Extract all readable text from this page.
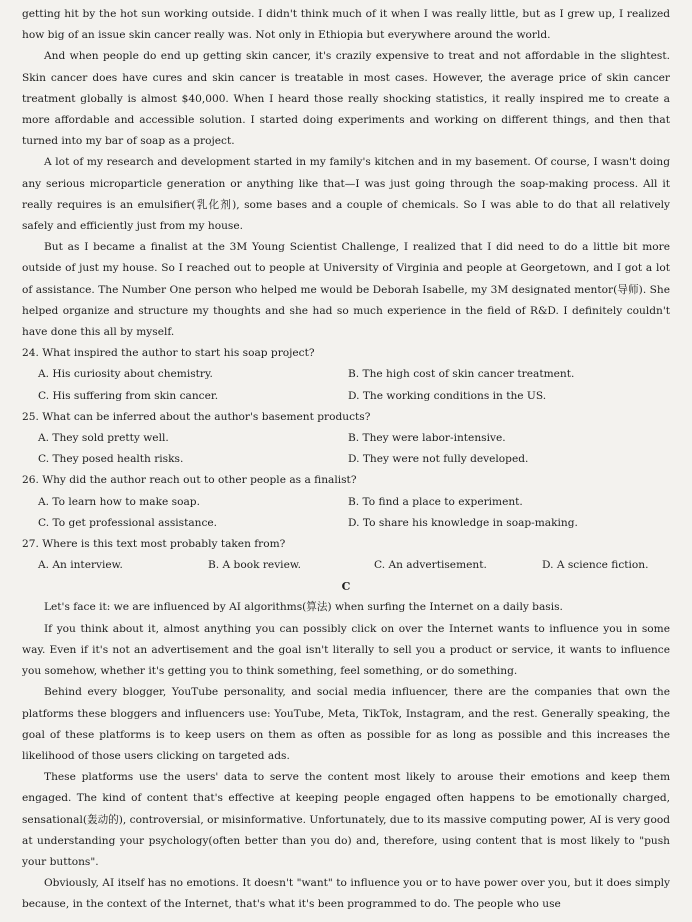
getting hit by the hot sun working outside. I didn't think much of it when I was really little, but as I grew up, I realized how big of an issue skin cancer really was. Not only in Ethiopia but everywhere around the world.

And when people do end up getting skin cancer, it's crazily expensive to treat and not affordable in the slightest. Skin cancer does have cures and skin cancer is treatable in most cases. However, the average price of skin cancer treatment globally is almost $40,000. When I heard those really shocking statistics, it really inspired me to create a more affordable and accessible solution. I started doing experiments and working on different things, and then that turned into my bar of soap as a project.

A lot of my research and development started in my family's kitchen and in my basement. Of course, I wasn't doing any serious microparticle generation or anything like that—I was just going through the soap-making process. All it really requires is an emulsifier(乳化剂), some bases and a couple of chemicals. So I was able to do that all relatively safely and efficiently just from my house.

But as I became a finalist at the 3M Young Scientist Challenge, I realized that I did need to do a little bit more outside of just my house. So I reached out to people at University of Virginia and people at Georgetown, and I got a lot of assistance. The Number One person who helped me would be Deborah Isabelle, my 3M designated mentor(导师). She helped organize and structure my thoughts and she had so much experience in the field of R&D. I definitely couldn't have done this all by myself.

24. What inspired the author to start his soap project?
A. His curiosity about chemistry.	B. The high cost of skin cancer treatment.
C. His suffering from skin cancer.	D. The working conditions in the US.
25. What can be inferred about the author's basement products?
A. They sold pretty well.	B. They were labor-intensive.
C. They posed health risks.	D. They were not fully developed.
26. Why did the author reach out to other people as a finalist?
A. To learn how to make soap.	B. To find a place to experiment.
C. To get professional assistance.	D. To share his knowledge in soap-making.
27. Where is this text most probably taken from?
A. An interview.	B. A book review.	C. An advertisement.	D. A science fiction.
C

Let's face it: we are influenced by AI algorithms(算法) when surfing the Internet on a daily basis.

If you think about it, almost anything you can possibly click on over the Internet wants to influence you in some way. Even if it's not an advertisement and the goal isn't literally to sell you a product or service, it wants to influence you somehow, whether it's getting you to think something, feel something, or do something.

Behind every blogger, YouTube personality, and social media influencer, there are the companies that own the platforms these bloggers and influencers use: YouTube, Meta, TikTok, Instagram, and the rest. Generally speaking, the goal of these platforms is to keep users on them as often as possible for as long as possible and this increases the likelihood of those users clicking on targeted ads.

These platforms use the users' data to serve the content most likely to arouse their emotions and keep them engaged. The kind of content that's effective at keeping people engaged often happens to be emotionally charged, sensational(轰动的), controversial, or misinformative. Unfortunately, due to its massive computing power, AI is very good at understanding your psychology(often better than you do) and, therefore, using content that is most likely to "push your buttons".

Obviously, AI itself has no emotions. It doesn't "want" to influence you or to have power over you, but it does simply because, in the context of the Internet, that's what it's been programmed to do. The people who use
